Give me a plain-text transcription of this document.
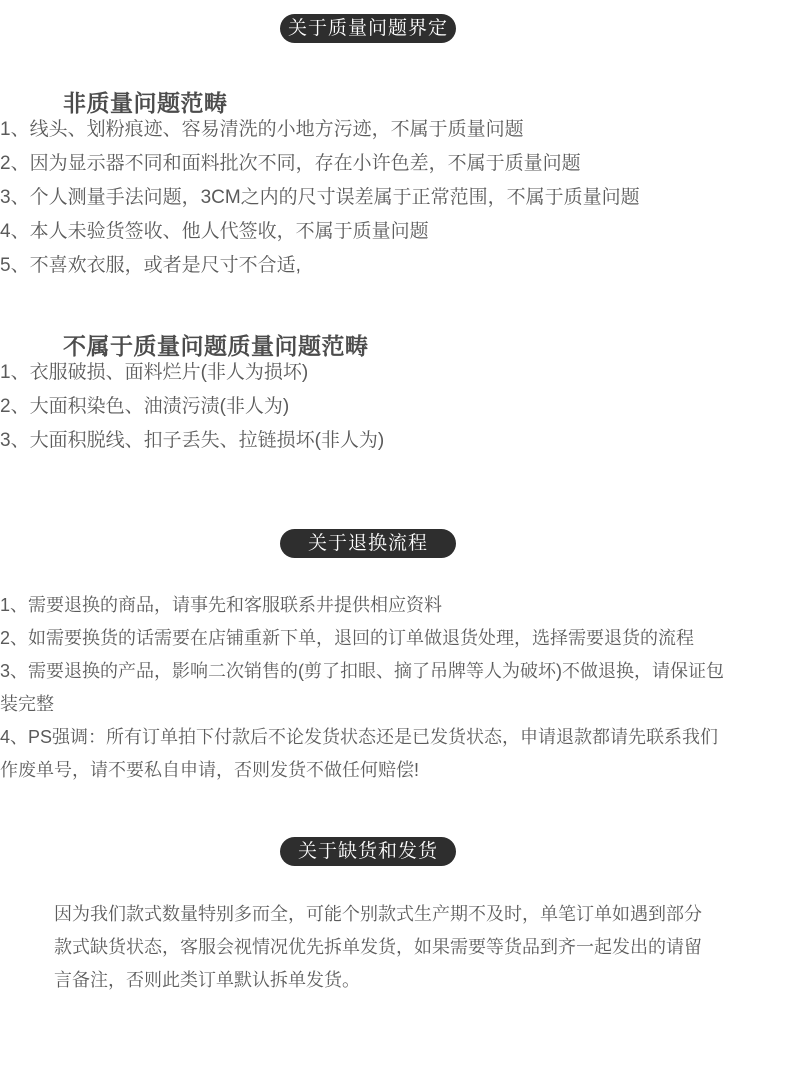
关于质量问题界定
非质量问题范畴
1、线头、划粉痕迹、容易清洗的小地方污迹，不属于质量问题
2、因为显示器不同和面料批次不同，存在小许色差，不属于质量问题
3、个人测量手法问题，3CM之内的尺寸误差属于正常范围，不属于质量问题
4、本人未验货签收、他人代签收，不属于质量问题
5、不喜欢衣服，或者是尺寸不合适,
不属于质量问题质量问题范畴
1、衣服破损、面料烂片(非人为损坏)
2、大面积染色、油渍污渍(非人为)
3、大面积脱线、扣子丢失、拉链损坏(非人为)
关于退换流程
1、需要退换的商品，请事先和客服联系井提供相应资料
2、如需要换货的话需要在店铺重新下单，退回的订单做退货处理，选择需要退货的流程
3、需要退换的产品，影响二次销售的(剪了扣眼、摘了吊牌等人为破坏)不做退换，请保证包装完整
4、PS强调：所有订单拍下付款后不论发货状态还是已发货状态，申请退款都请先联系我们作废单号，请不要私自申请，否则发货不做任何赔偿!
关于缺货和发货

因为我们款式数量特别多而全，可能个别款式生产期不及时，单笔订单如遇到部分款式缺货状态，客服会视情况优先拆单发货，如果需要等货品到齐一起发出的请留言备注，否则此类订单默认拆单发货。
